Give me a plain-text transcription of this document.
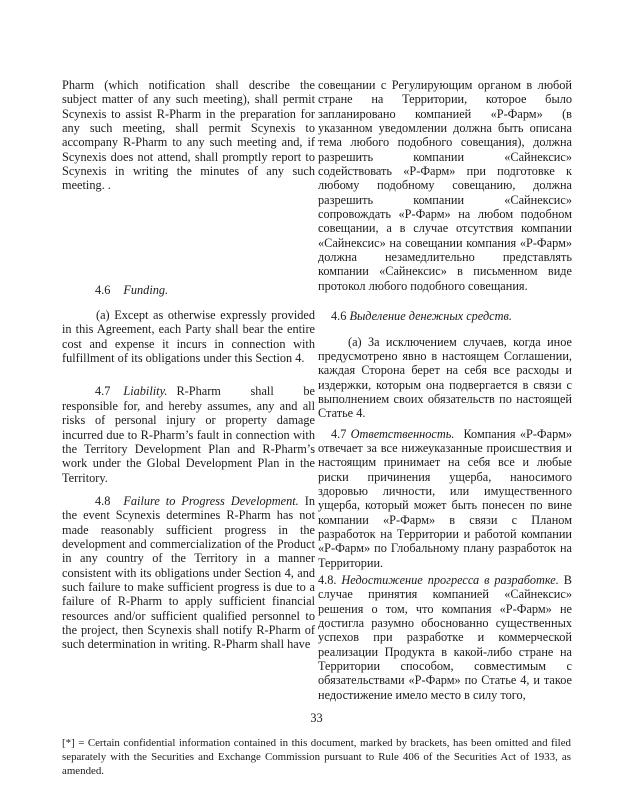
Pharm (which notification shall describe the subject matter of any such meeting), shall permit Scynexis to assist R-Pharm in the preparation for any such meeting, shall permit Scynexis to accompany R-Pharm to any such meeting and, if Scynexis does not attend, shall promptly report to Scynexis in writing the minutes of any such meeting. .

4.6 Funding.

(a) Except as otherwise expressly provided in this Agreement, each Party shall bear the entire cost and expense it incurs in connection with fulfillment of its obligations under this Section 4.

4.7 Liability. R-Pharm shall be responsible for, and hereby assumes, any and all risks of personal injury or property damage incurred due to R-Pharm’s fault in connection with the Territory Development Plan and R-Pharm’s work under the Global Development Plan in the Territory.

4.8 Failure to Progress Development. In the event Scynexis determines R-Pharm has not made reasonably sufficient progress in the development and commercialization of the Product in any country of the Territory in a manner consistent with its obligations under Section 4, and such failure to make sufficient progress is due to a failure of R-Pharm to apply sufficient financial resources and/or sufficient qualified personnel to the project, then Scynexis shall notify R-Pharm of such determination in writing. R-Pharm shall have

совещании с Регулирующим органом в любой стране на Территории, которое было запланировано компанией «Р-Фарм» (в указанном уведомлении должна быть описана тема любого подобного совещания), должна разрешить компании «Сайнексис» содействовать «Р-Фарм» при подготовке к любому подобному совещанию, должна разрешить компании «Сайнексис» сопровождать «Р-Фарм» на любом подобном совещании, а в случае отсутствия компании «Сайнексис» на совещании компания «Р-Фарм» должна незамедлительно представлять компании «Сайнексис» в письменном виде протокол любого подобного совещания.

4.6 Выделение денежных средств.

(a) За исключением случаев, когда иное предусмотрено явно в настоящем Соглашении, каждая Сторона берет на себя все расходы и издержки, которым она подвергается в связи с выполнением своих обязательств по настоящей Статье 4.

4.7 Ответственность. Компания «Р-Фарм» отвечает за все нижеуказанные происшествия и настоящим принимает на себя все и любые риски причинения ущерба, наносимого здоровью личности, или имущественного ущерба, который может быть понесен по вине компании «Р-Фарм» в связи с Планом разработок на Территории и работой компании «Р-Фарм» по Глобальному плану разработок на Территории.

4.8. Недостижение прогресса в разработке. В случае принятия компанией «Сайнексис» решения о том, что компания «Р-Фарм» не достигла разумно обоснованно существенных успехов при разработке и коммерческой реализации Продукта в какой-либо стране на Территории способом, совместимым с обязательствами «Р-Фарм» по Статье 4, и такое недостижение имело место в силу того,

33
[*] = Certain confidential information contained in this document, marked by brackets, has been omitted and filed separately with the Securities and Exchange Commission pursuant to Rule 406 of the Securities Act of 1933, as amended.
